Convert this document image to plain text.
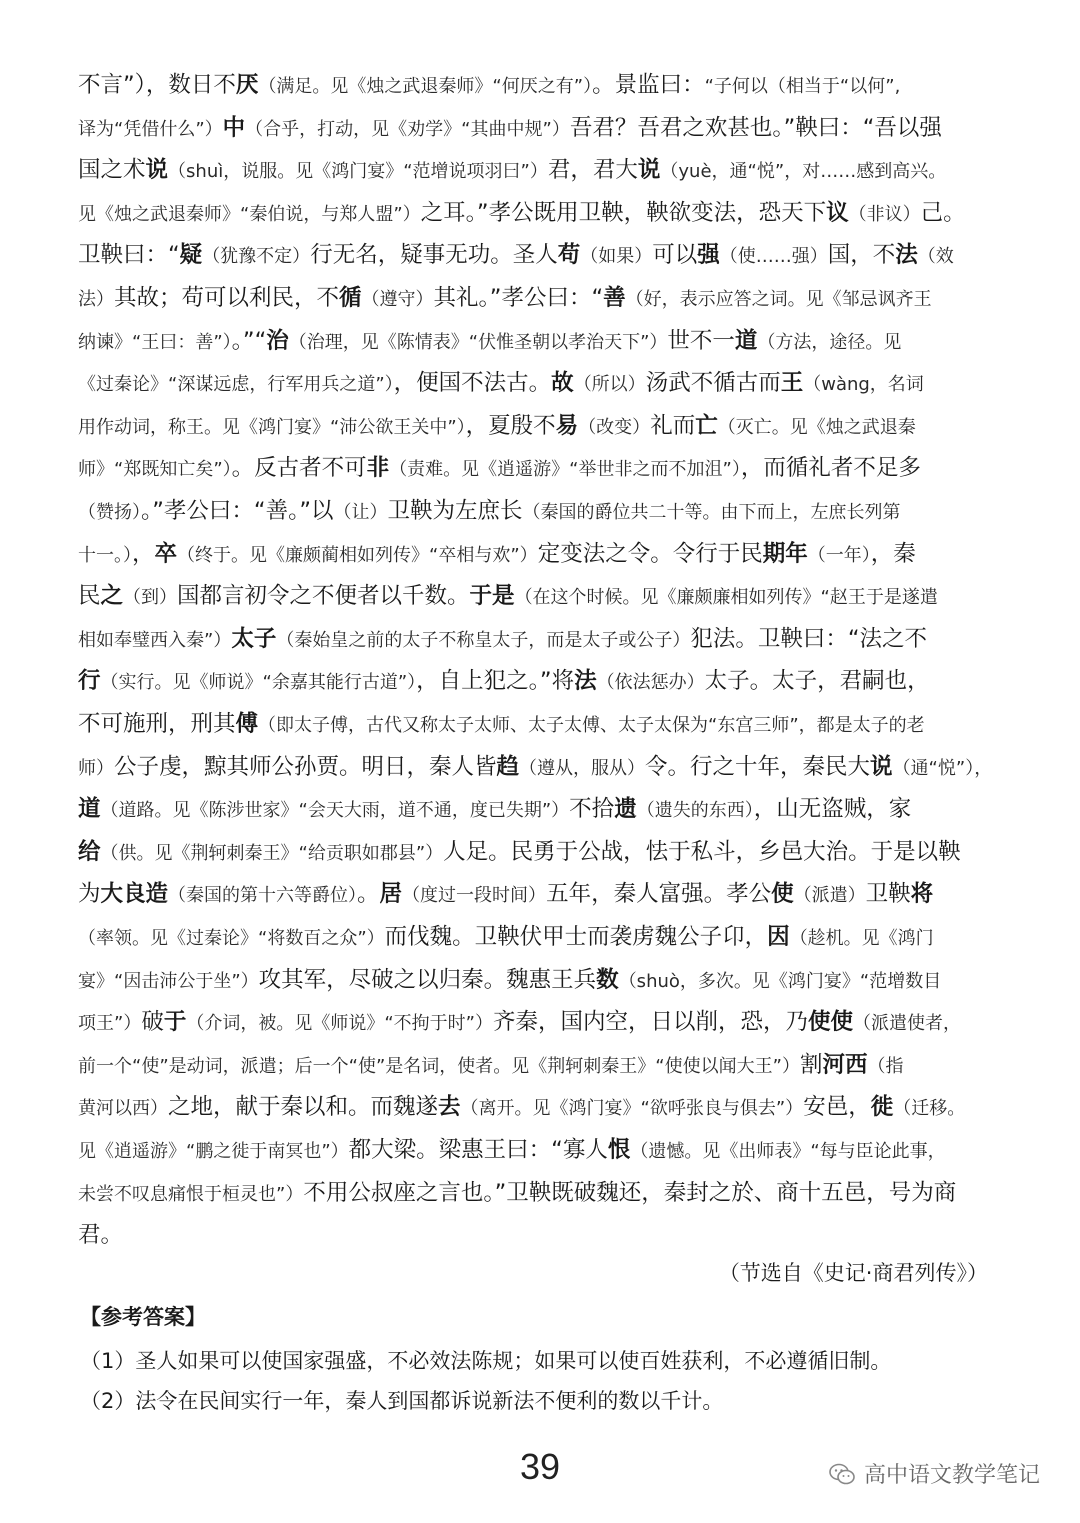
不言”），数日不厌（满足。见《烛之武退秦师》“何厌之有”）。景监曰：“子何以（相当于“以何”,
译为“凭借什么”）中（合乎，打动，见《劝学》“其曲中规”）吾君？吾君之欢甚也。”鞅曰：“吾以强
国之术说（shuì，说服。见《鸿门宴》“范增说项羽曰”）君，君大说（yuè，通“悦”，对……感到高兴。
见《烛之武退秦师》“秦伯说，与郑人盟”）之耳。”孝公既用卫鞅，鞅欲变法，恐天下议（非议）己。
卫鞅曰：“疑（犹豫不定）行无名，疑事无功。圣人苟（如果）可以强（使……强）国，不法（效
法）其故；苟可以利民，不循（遵守）其礼。”孝公曰：“善（好，表示应答之词。见《邹忌讽齐王
纳谏》“王曰：善”）。”“治（治理，见《陈情表》“伏惟圣朝以孝治天下”）世不一道（方法，途径。见
《过秦论》“深谋远虑，行军用兵之道”），便国不法古。故（所以）汤武不循古而王（wàng，名词
用作动词，称王。见《鸿门宴》“沛公欲王关中”），夏殷不易（改变）礼而亡（灭亡。见《烛之武退秦
师》“郑既知亡矣”）。反古者不可非（责难。见《逍遥游》“举世非之而不加沮”），而循礼者不足多
（赞扬）。”孝公曰：“善。”以（让）卫鞅为左庶长（秦国的爵位共二十等。由下而上，左庶长列第
十一。），卒（终于。见《廉颇蔺相如列传》“卒相与欢”）定变法之令。令行于民期年（一年），秦
民之（到）国都言初令之不便者以千数。于是（在这个时候。见《廉颇廉相如列传》“赵王于是遂遣
相如奉璧西入秦”）太子（秦始皇之前的太子不称皇太子，而是太子或公子）犯法。卫鞅曰：“法之不
行（实行。见《师说》“余嘉其能行古道”），自上犯之。”将法（依法惩办）太子。太子，君嗣也，
不可施刑，刑其傅（即太子傅，古代又称太子太师、太子太傅、太子太保为“东宫三师”，都是太子的老
师）公子虔，黥其师公孙贾。明日，秦人皆趋（遵从，服从）令。行之十年，秦民大说（通“悦”），
道（道路。见《陈涉世家》“会天大雨，道不通，度已失期”）不拾遗（遗失的东西），山无盗贼，家
给（供。见《荆轲刺秦王》“给贡职如郡县”）人足。民勇于公战，怯于私斗，乡邑大治。于是以鞅
为大良造（秦国的第十六等爵位）。居（度过一段时间）五年，秦人富强。孝公使（派遣）卫鞅将
（率领。见《过秦论》“将数百之众”）而伐魏。卫鞅伏甲士而袭虏魏公子卬，因（趁机。见《鸿门
宴》“因击沛公于坐”）攻其军，尽破之以归秦。魏惠王兵数（shuò，多次。见《鸿门宴》“范增数目
项王”）破于（介词，被。见《师说》“不拘于时”）齐秦，国内空，日以削，恐，乃使使（派遣使者，
前一个“使”是动词，派遣；后一个“使”是名词，使者。见《荆轲刺秦王》“使使以闻大王”）割河西（指
黄河以西）之地，献于秦以和。而魏遂去（离开。见《鸿门宴》“欲呼张良与俱去”）安邑，徙（迁移。
见《逍遥游》“鹏之徙于南冥也”）都大梁。梁惠王曰：“寡人恨（遗憾。见《出师表》“每与臣论此事，
未尝不叹息痛恨于桓灵也”）不用公叔座之言也。”卫鞅既破魏还，秦封之於、商十五邑，号为商
君。
（节选自《史记·商君列传》）
【参考答案】
（1）圣人如果可以使国家强盛，不必效法陈规；如果可以使百姓获利，不必遵循旧制。
（2）法令在民间实行一年，秦人到国都诉说新法不便利的数以千计。
39	高中语文教学笔记
